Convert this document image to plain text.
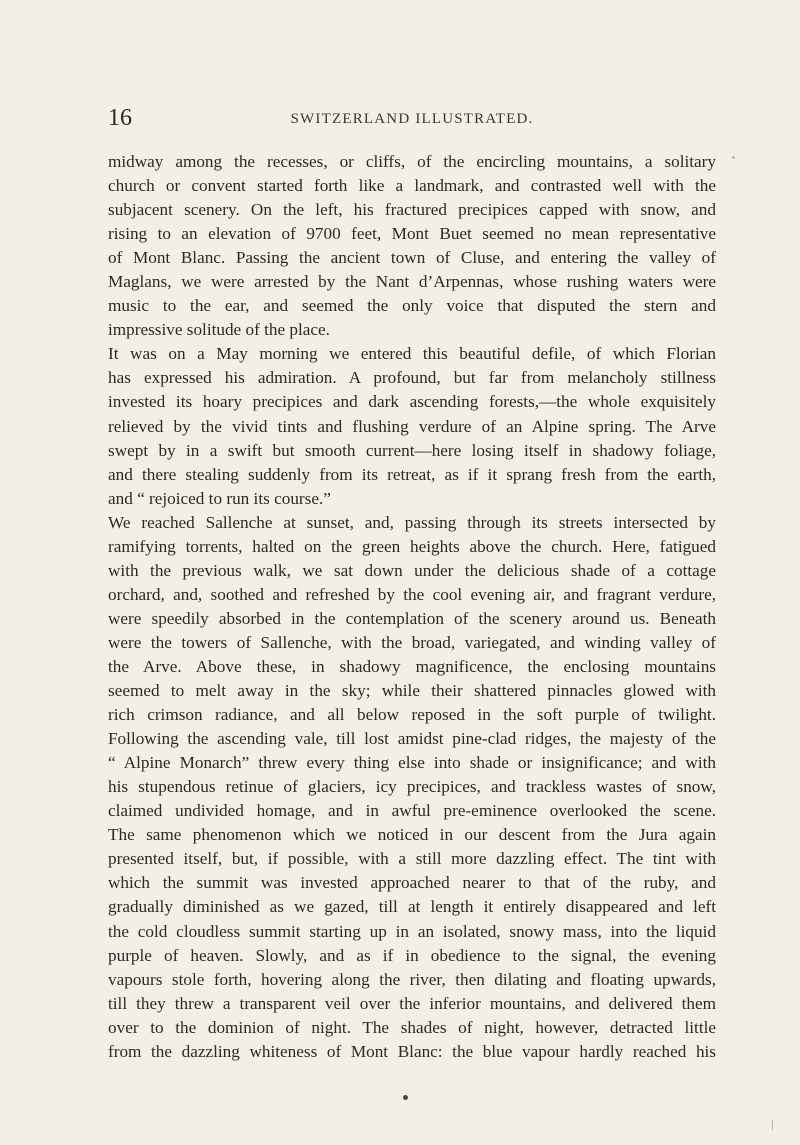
16	SWITZERLAND ILLUSTRATED.
midway among the recesses, or cliffs, of the encircling mountains, a solitary
church or convent started forth like a landmark, and contrasted well with the
subjacent scenery. On the left, his fractured precipices capped with snow, and
rising to an elevation of 9700 feet, Mont Buet seemed no mean representative
of Mont Blanc. Passing the ancient town of Cluse, and entering the valley of
Maglans, we were arrested by the Nant d’Arpennas, whose rushing waters were
music to the ear, and seemed the only voice that disputed the stern and
impressive solitude of the place.
It was on a May morning we entered this beautiful defile, of which Florian
has expressed his admiration. A profound, but far from melancholy stillness
invested its hoary precipices and dark ascending forests,—the whole exquisitely
relieved by the vivid tints and flushing verdure of an Alpine spring. The Arve
swept by in a swift but smooth current—here losing itself in shadowy foliage,
and there stealing suddenly from its retreat, as if it sprang fresh from the earth,
and “ rejoiced to run its course.”
We reached Sallenche at sunset, and, passing through its streets intersected by
ramifying torrents, halted on the green heights above the church. Here, fatigued
with the previous walk, we sat down under the delicious shade of a cottage
orchard, and, soothed and refreshed by the cool evening air, and fragrant verdure,
were speedily absorbed in the contemplation of the scenery around us. Beneath
were the towers of Sallenche, with the broad, variegated, and winding valley of
the Arve. Above these, in shadowy magnificence, the enclosing mountains
seemed to melt away in the sky; while their shattered pinnacles glowed with
rich crimson radiance, and all below reposed in the soft purple of twilight.
Following the ascending vale, till lost amidst pine-clad ridges, the majesty of the
“ Alpine Monarch” threw every thing else into shade or insignificance; and with
his stupendous retinue of glaciers, icy precipices, and trackless wastes of snow,
claimed undivided homage, and in awful pre-eminence overlooked the scene.
The same phenomenon which we noticed in our descent from the Jura again
presented itself, but, if possible, with a still more dazzling effect. The tint with
which the summit was invested approached nearer to that of the ruby, and
gradually diminished as we gazed, till at length it entirely disappeared and left
the cold cloudless summit starting up in an isolated, snowy mass, into the liquid
purple of heaven. Slowly, and as if in obedience to the signal, the evening
vapours stole forth, hovering along the river, then dilating and floating upwards,
till they threw a transparent veil over the inferior mountains, and delivered them
over to the dominion of night. The shades of night, however, detracted little
from the dazzling whiteness of Mont Blanc: the blue vapour hardly reached his
